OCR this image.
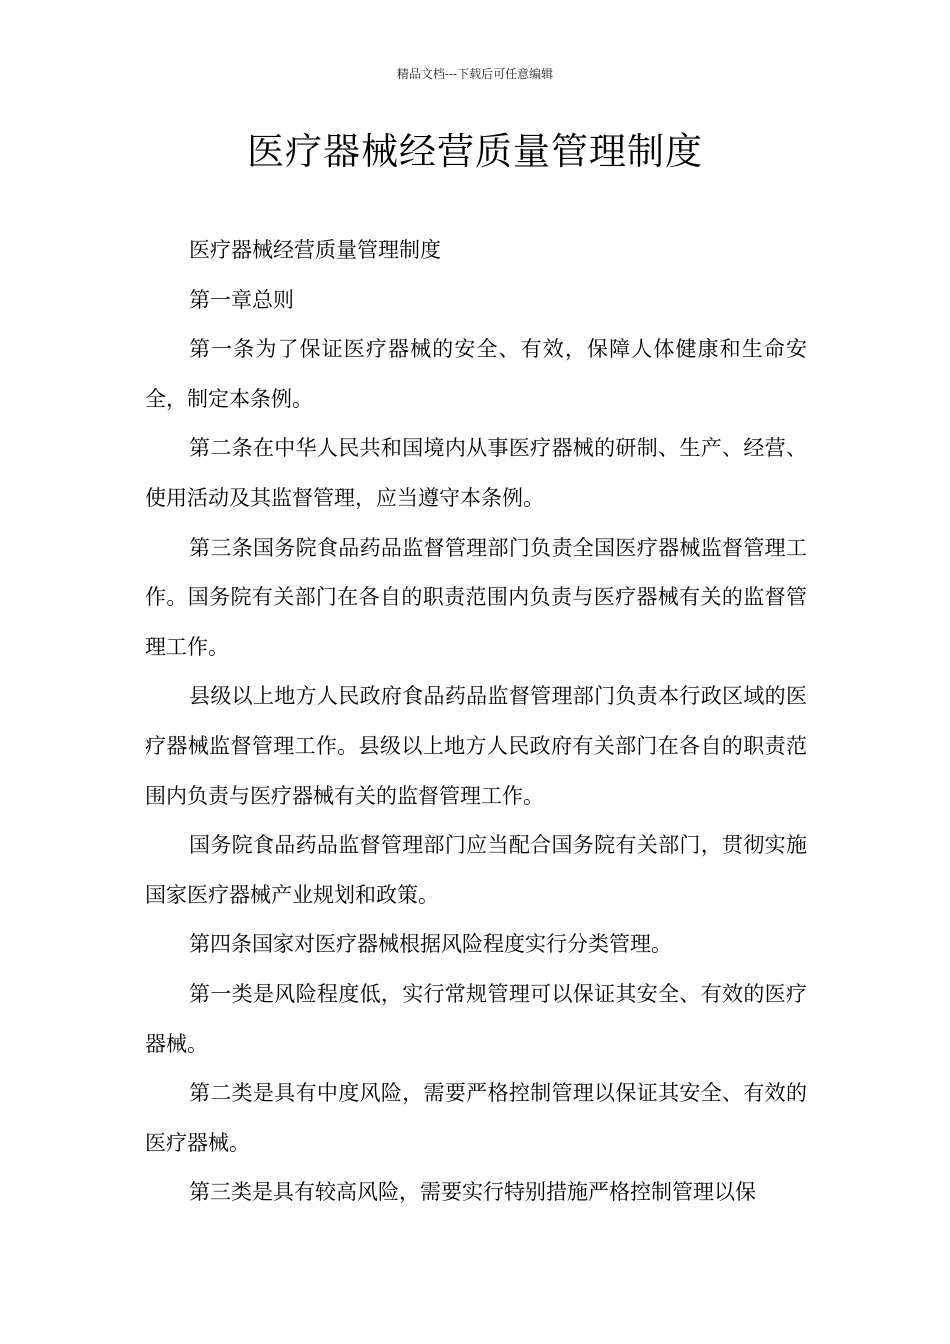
精品文档---下载后可任意编辑
医疗器械经营质量管理制度

医疗器械经营质量管理制度

第一章总则

第一条为了保证医疗器械的安全、有效，保障人体健康和生命安全，制定本条例。

第二条在中华人民共和国境内从事医疗器械的研制、生产、经营、使用活动及其监督管理，应当遵守本条例。

第三条国务院食品药品监督管理部门负责全国医疗器械监督管理工作。国务院有关部门在各自的职责范围内负责与医疗器械有关的监督管理工作。

县级以上地方人民政府食品药品监督管理部门负责本行政区域的医疗器械监督管理工作。县级以上地方人民政府有关部门在各自的职责范围内负责与医疗器械有关的监督管理工作。

国务院食品药品监督管理部门应当配合国务院有关部门，贯彻实施国家医疗器械产业规划和政策。

第四条国家对医疗器械根据风险程度实行分类管理。

第一类是风险程度低，实行常规管理可以保证其安全、有效的医疗器械。

第二类是具有中度风险，需要严格控制管理以保证其安全、有效的医疗器械。

第三类是具有较高风险，需要实行特别措施严格控制管理以保
